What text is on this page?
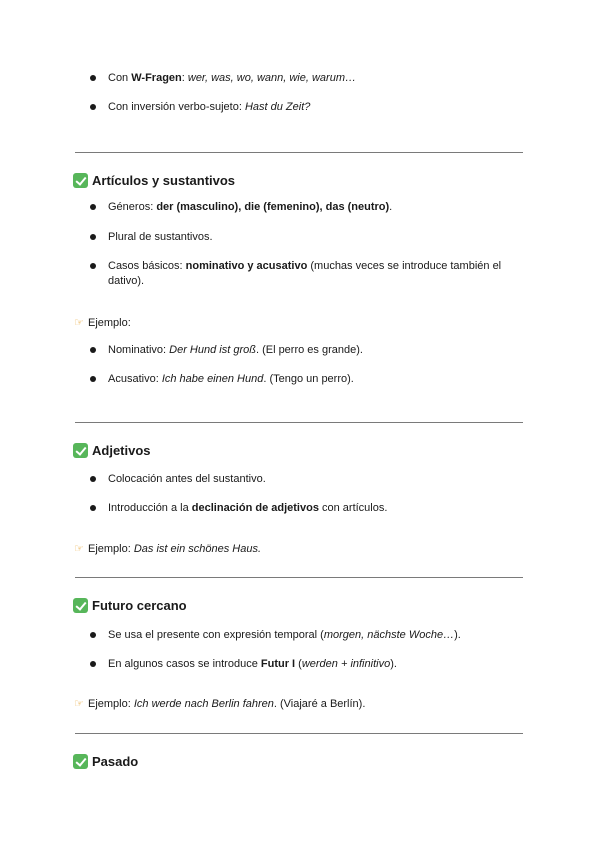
Con W-Fragen: wer, was, wo, wann, wie, warum…
Con inversión verbo-sujeto: Hast du Zeit?
Artículos y sustantivos
Géneros: der (masculino), die (femenino), das (neutro).
Plural de sustantivos.
Casos básicos: nominativo y acusativo (muchas veces se introduce también el
dativo).
☞ Ejemplo:
Nominativo: Der Hund ist groß. (El perro es grande).
Acusativo: Ich habe einen Hund. (Tengo un perro).
Adjetivos
Colocación antes del sustantivo.
Introducción a la declinación de adjetivos con artículos.
☞ Ejemplo: Das ist ein schönes Haus.
Futuro cercano
Se usa el presente con expresión temporal (morgen, nächste Woche…).
En algunos casos se introduce Futur I (werden + infinitivo).
☞ Ejemplo: Ich werde nach Berlin fahren. (Viajaré a Berlín).
Pasado
